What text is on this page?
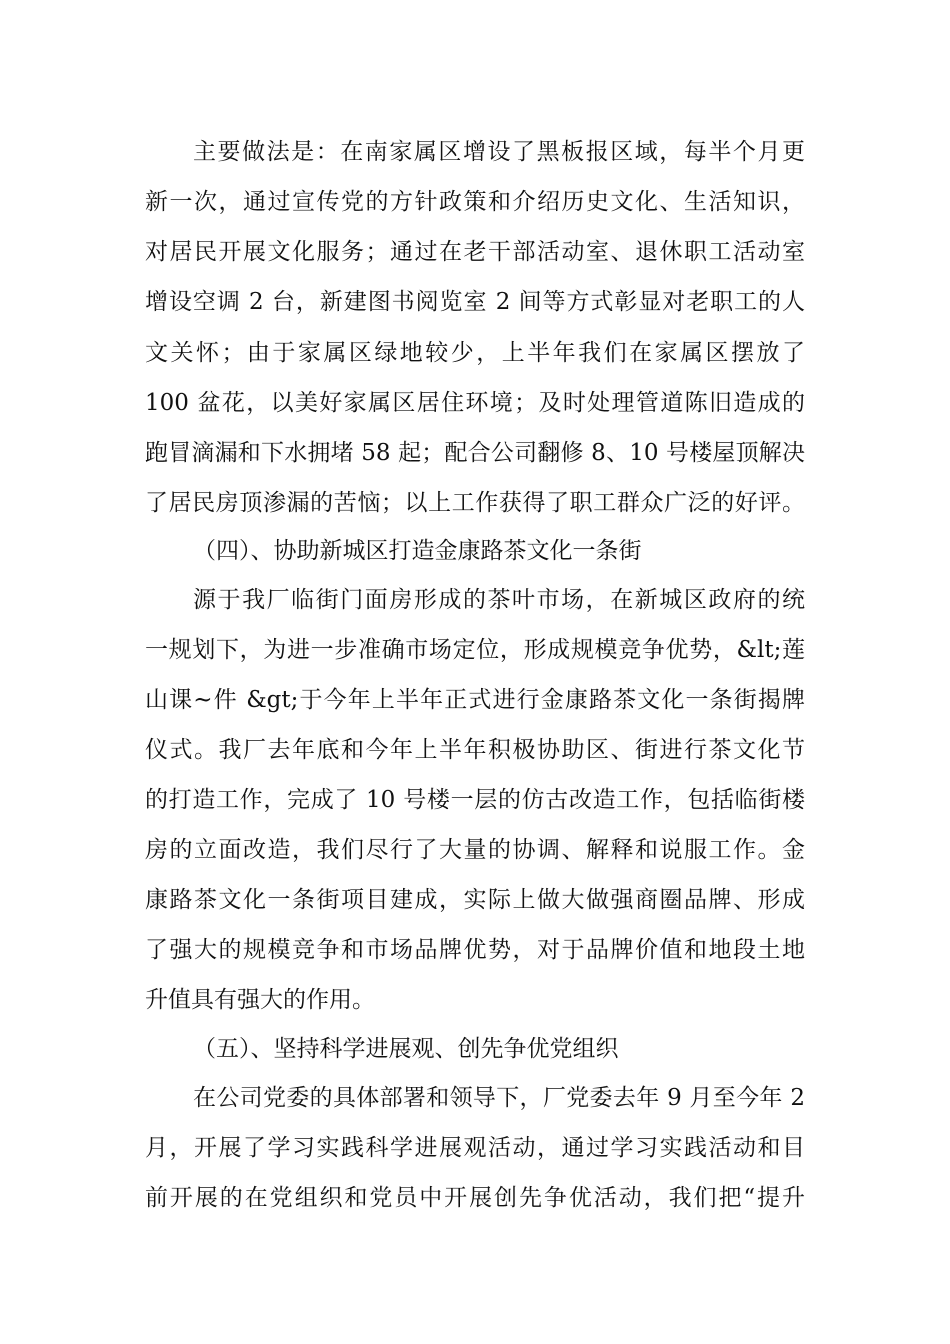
主要做法是：在南家属区增设了黑板报区域，每半个月更
新一次，通过宣传党的方针政策和介绍历史文化、生活知识，
对居民开展文化服务；通过在老干部活动室、退休职工活动室
增设空调 2 台，新建图书阅览室 2 间等方式彰显对老职工的人
文关怀；由于家属区绿地较少，上半年我们在家属区摆放了
100 盆花，以美好家属区居住环境；及时处理管道陈旧造成的
跑冒滴漏和下水拥堵 58 起；配合公司翻修 8、10 号楼屋顶解决
了居民房顶渗漏的苦恼；以上工作获得了职工群众广泛的好评。
（四）、协助新城区打造金康路茶文化一条街
源于我厂临街门面房形成的茶叶市场，在新城区政府的统
一规划下，为进一步准确市场定位，形成规模竞争优势，&lt;莲
山课~件 &gt;于今年上半年正式进行金康路茶文化一条街揭牌
仪式。我厂去年底和今年上半年积极协助区、街进行茶文化节
的打造工作，完成了 10 号楼一层的仿古改造工作，包括临街楼
房的立面改造，我们尽行了大量的协调、解释和说服工作。金
康路茶文化一条街项目建成，实际上做大做强商圈品牌、形成
了强大的规模竞争和市场品牌优势，对于品牌价值和地段土地
升值具有强大的作用。
（五）、坚持科学进展观、创先争优党组织
在公司党委的具体部署和领导下，厂党委去年 9 月至今年 2
月，开展了学习实践科学进展观活动，通过学习实践活动和目
前开展的在党组织和党员中开展创先争优活动，我们把“提升
